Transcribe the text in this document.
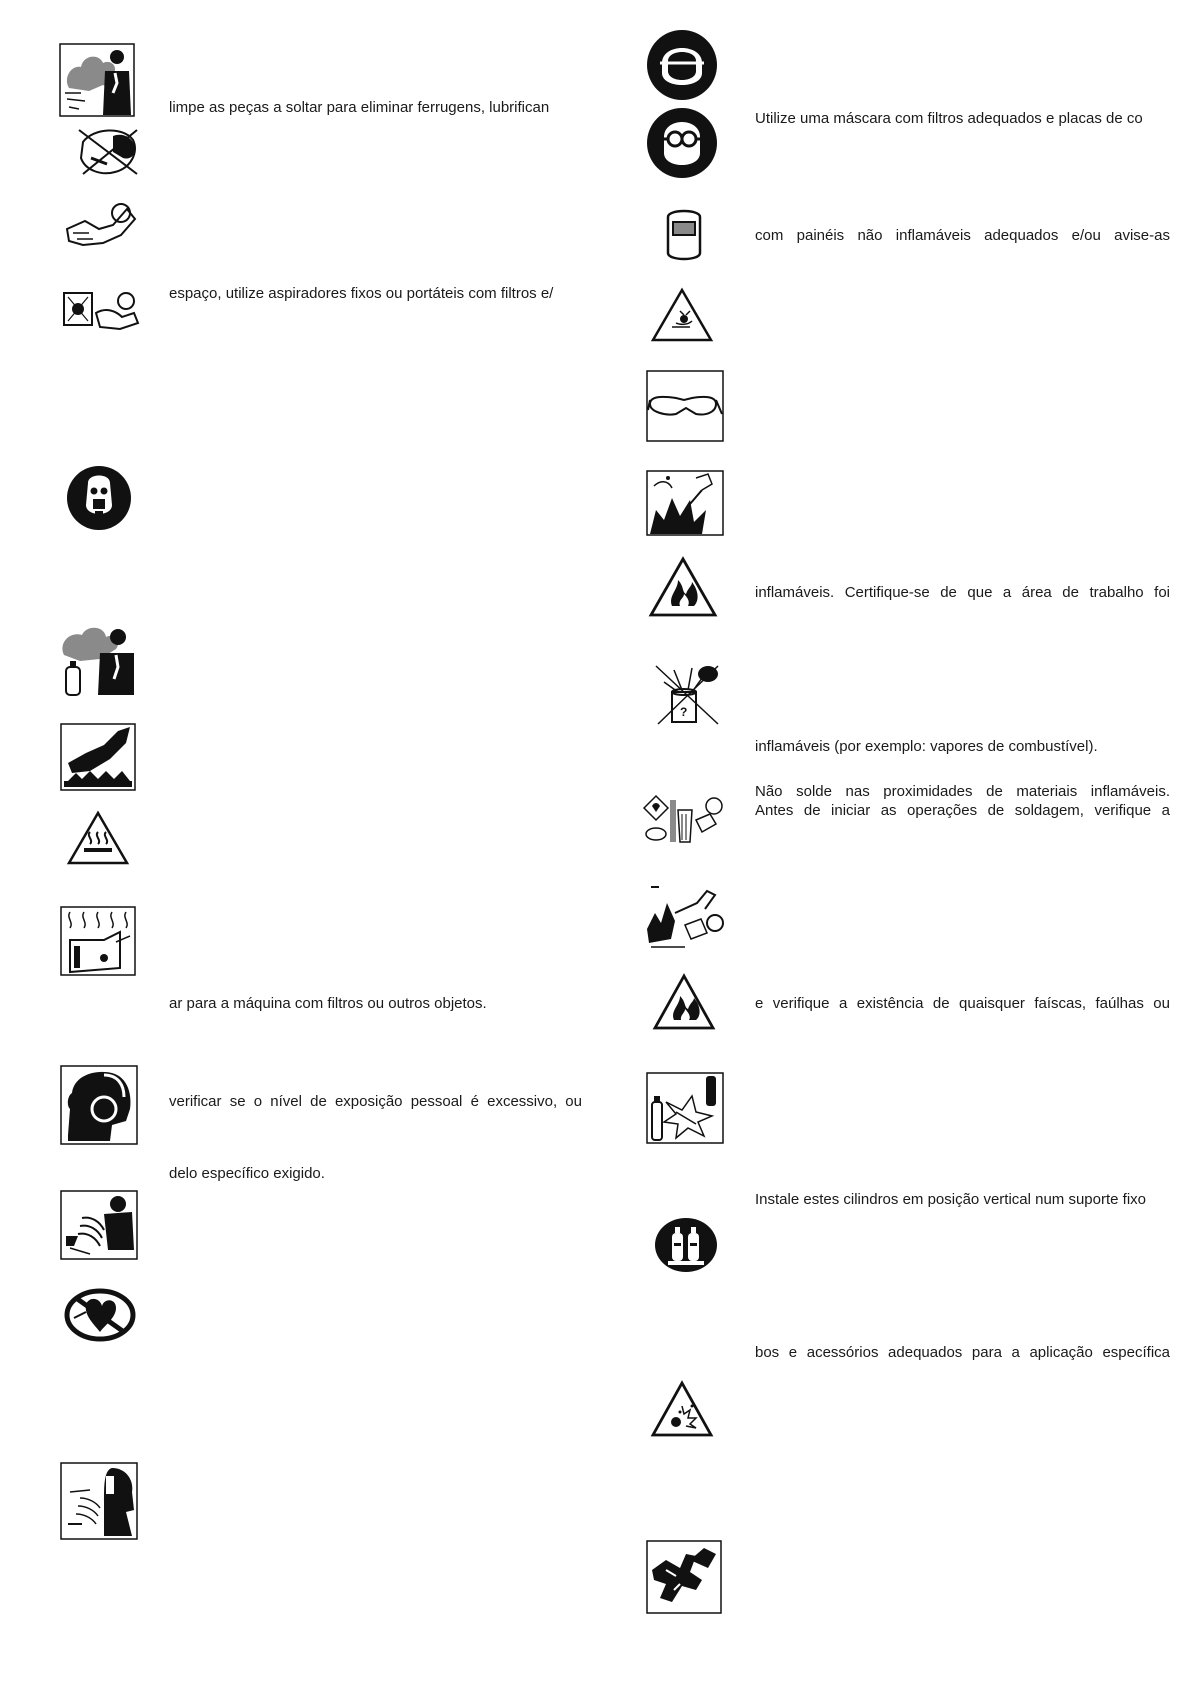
limpe as peças a soltar para eliminar ferrugens, lubrifican
espaço, utilize aspiradores fixos ou portáteis com filtros e/
ar para a máquina com filtros ou outros objetos.
verificar se o nível de exposição pessoal é excessivo, ou
delo específico exigido.
?
Utilize uma máscara com filtros adequados e placas de co
com painéis não inflamáveis adequados e/ou avise-as
inflamáveis. Certifique-se de que a área de trabalho foi
inflamáveis (por exemplo: vapores de combustível).
Não solde nas proximidades de materiais inflamáveis.
Antes de iniciar as operações de soldagem, verifique a
e verifique a existência de quaisquer faíscas, faúlhas ou
Instale estes cilindros em posição vertical num suporte fixo
bos e acessórios adequados para a aplicação específica
